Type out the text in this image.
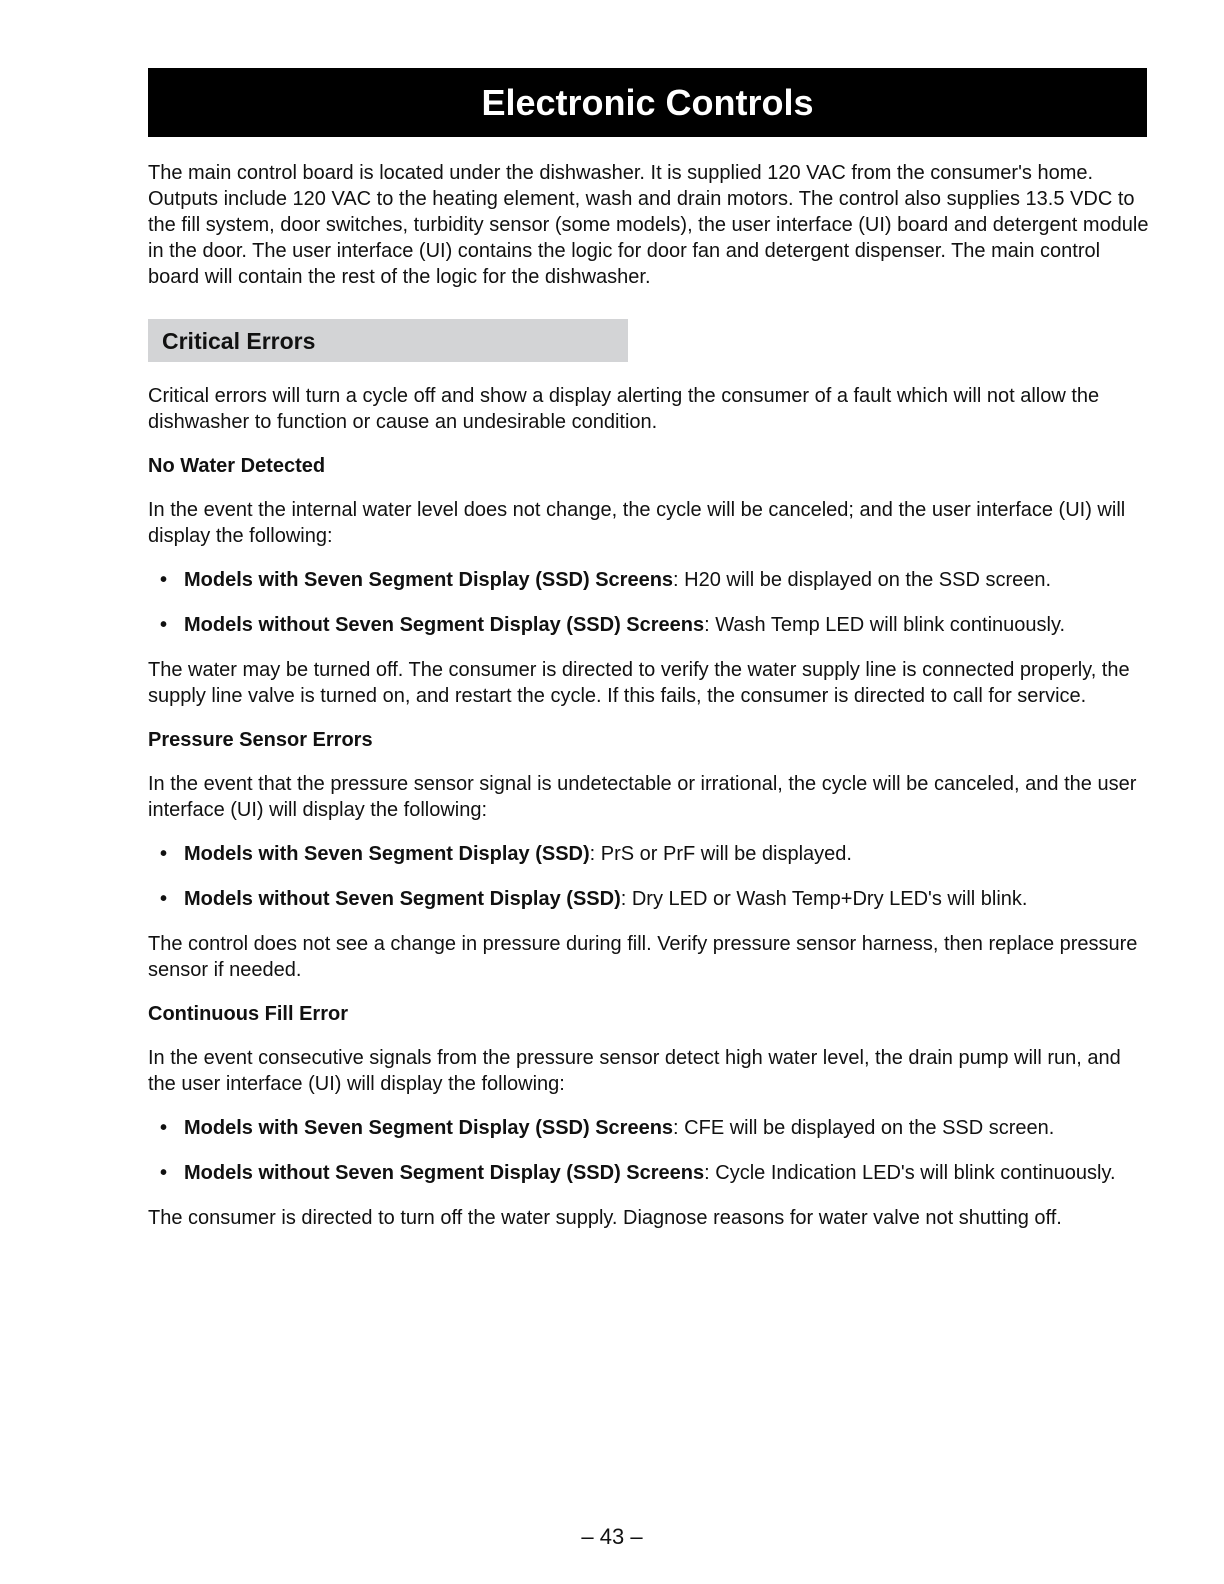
Electronic Controls

The main control board is located under the dishwasher. It is supplied 120 VAC from the consumer's home. Outputs include 120 VAC to the heating element, wash and drain motors. The control also supplies 13.5 VDC to the fill system, door switches, turbidity sensor (some models), the user interface (UI) board and detergent module in the door. The user interface (UI) contains the logic for door fan and detergent dispenser. The main control board will contain the rest of the logic for the dishwasher.

Critical Errors

Critical errors will turn a cycle off and show a display alerting the consumer of a fault which will not allow the dishwasher to function or cause an undesirable condition.

No Water Detected

In the event the internal water level does not change, the cycle will be canceled; and the user interface (UI) will display the following:

• Models with Seven Segment Display (SSD) Screens: H20 will be displayed on the SSD screen.
• Models without Seven Segment Display (SSD) Screens: Wash Temp LED will blink continuously.

The water may be turned off. The consumer is directed to verify the water supply line is connected properly, the supply line valve is turned on, and restart the cycle. If this fails, the consumer is directed to call for service.

Pressure Sensor Errors

In the event that the pressure sensor signal is undetectable or irrational, the cycle will be canceled, and the user interface (UI) will display the following:

• Models with Seven Segment Display (SSD): PrS or PrF will be displayed.
• Models without Seven Segment Display (SSD): Dry LED or Wash Temp+Dry LED's will blink.

The control does not see a change in pressure during fill. Verify pressure sensor harness, then replace pressure sensor if needed.

Continuous Fill Error

In the event consecutive signals from the pressure sensor detect high water level, the drain pump will run, and the user interface (UI) will display the following:

• Models with Seven Segment Display (SSD) Screens: CFE will be displayed on the SSD screen.
• Models without Seven Segment Display (SSD) Screens: Cycle Indication LED's will blink continuously.

The consumer is directed to turn off the water supply. Diagnose reasons for water valve not shutting off.

– 43 –
